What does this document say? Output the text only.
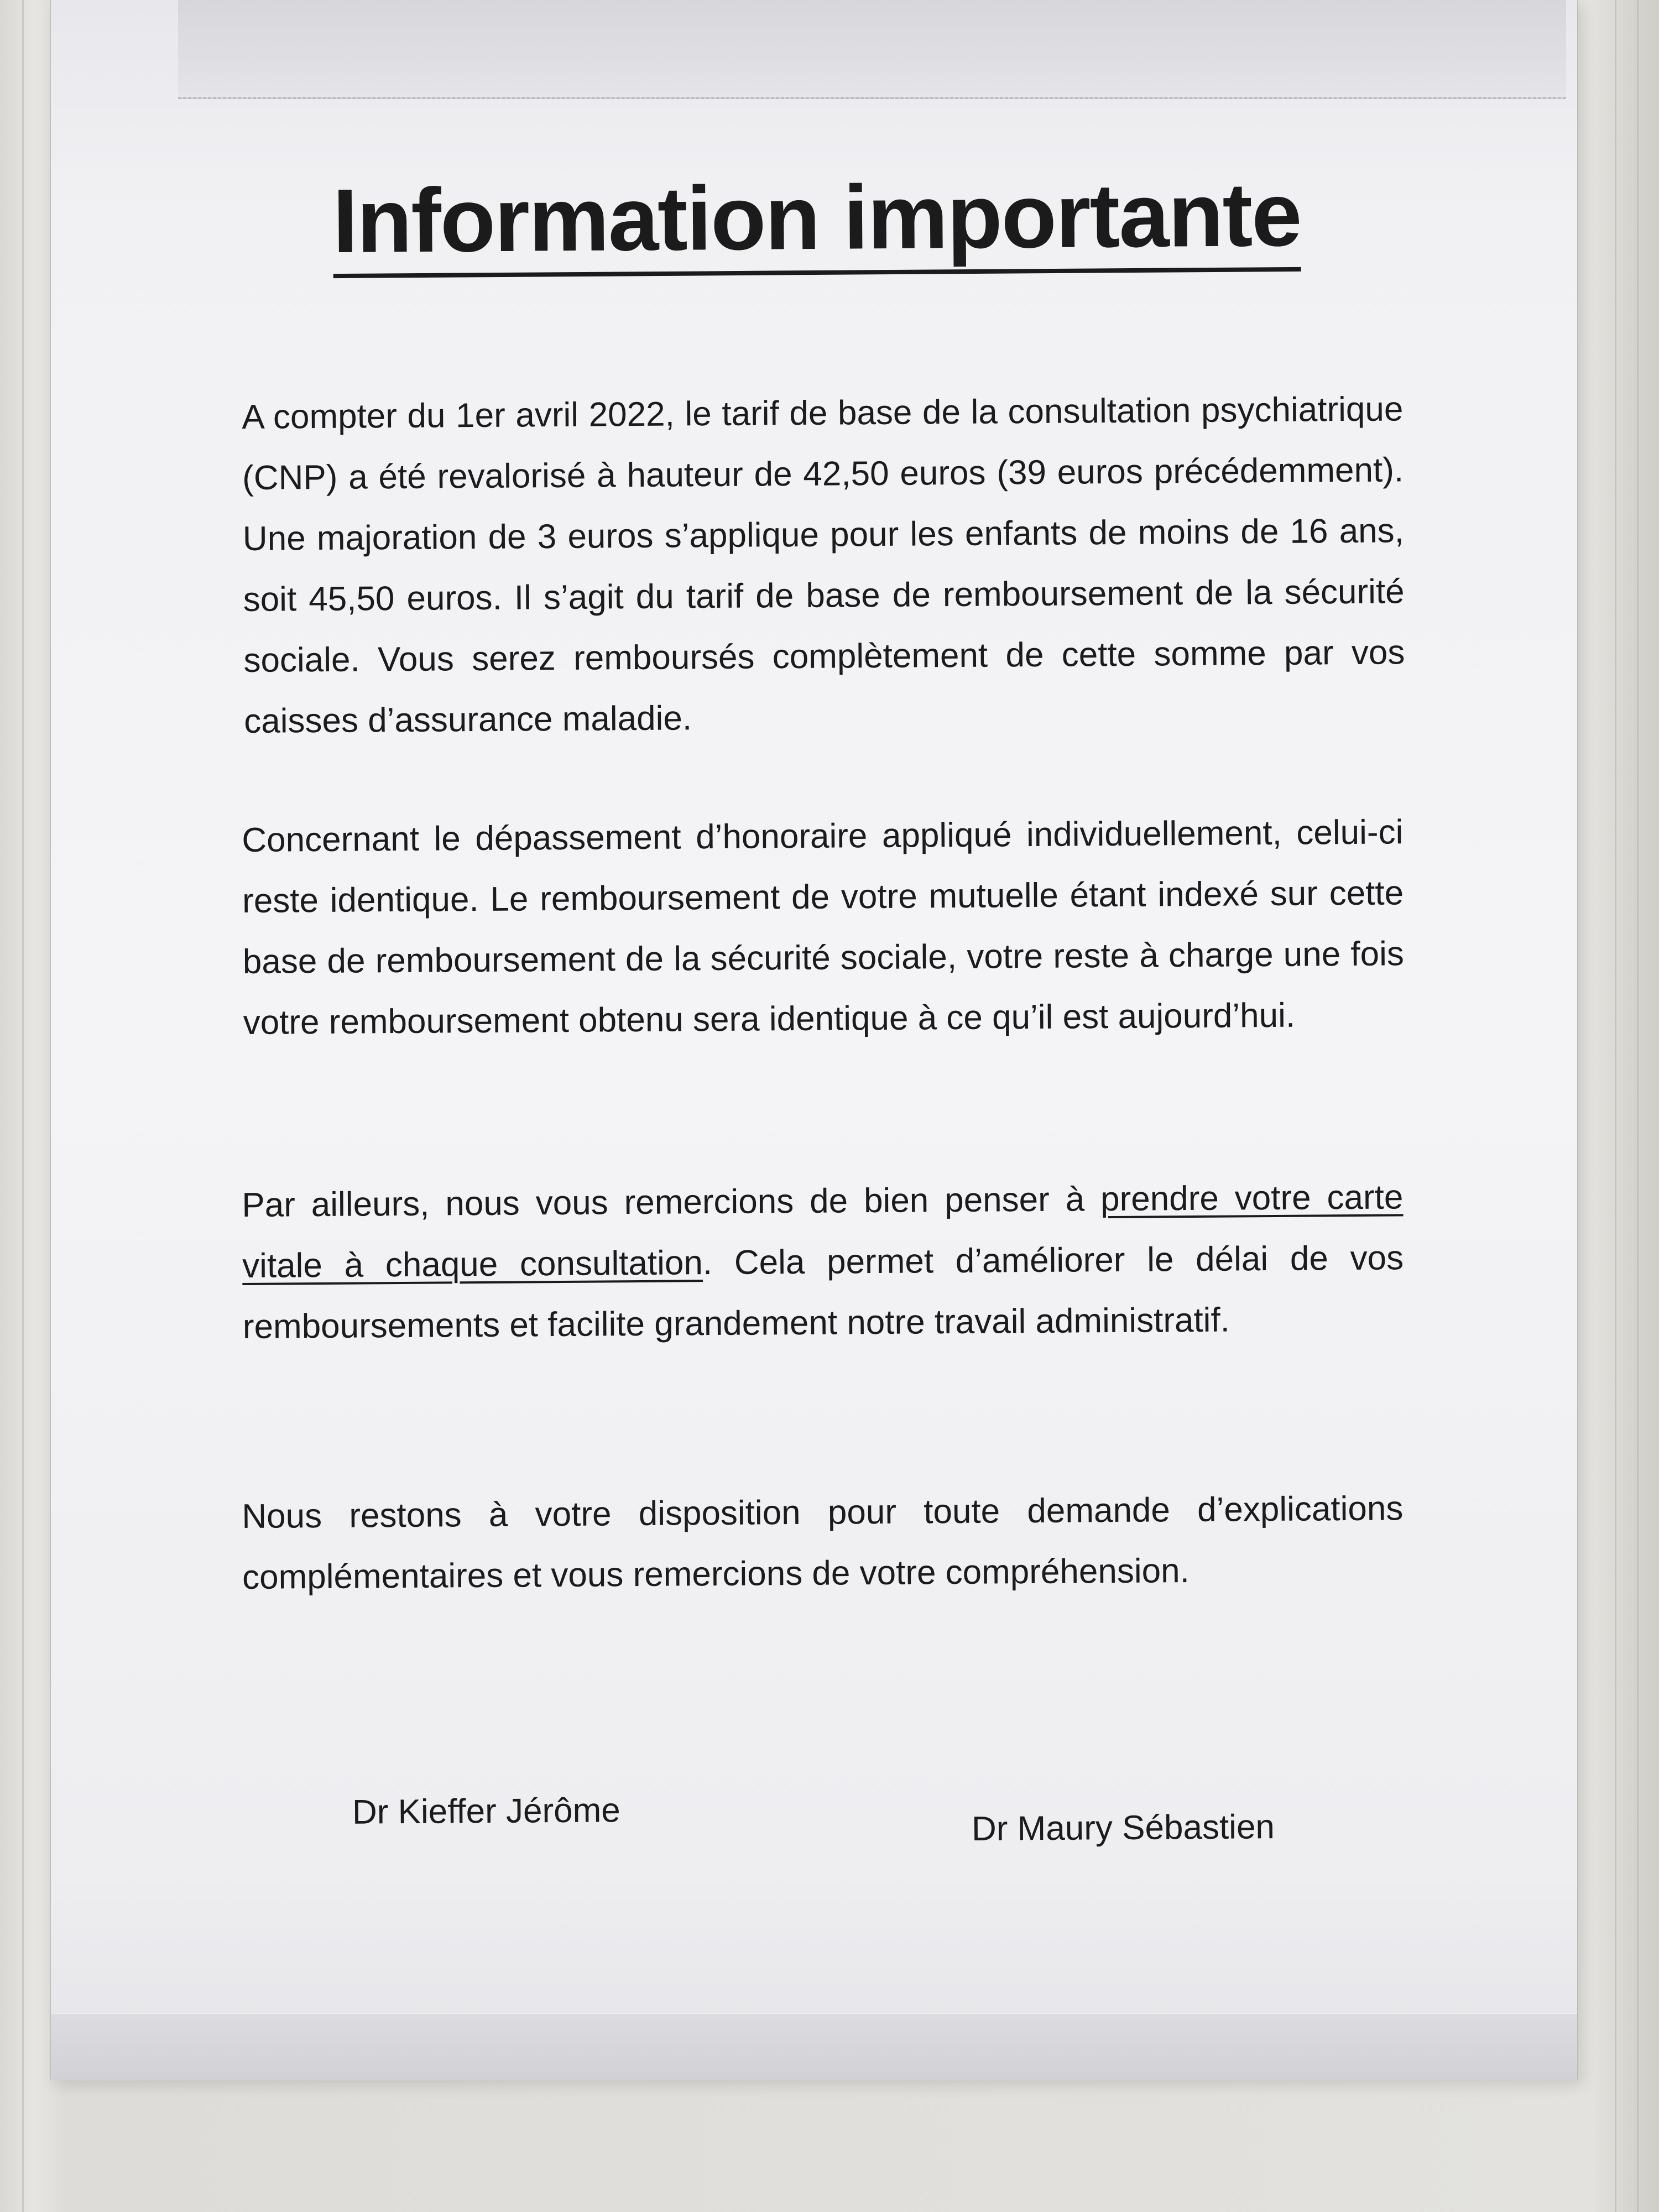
Information importante

A compter du 1er avril 2022, le tarif de base de la consultation psychiatrique (CNP) a été revalorisé à hauteur de 42,50 euros (39 euros précédemment). Une majoration de 3 euros s’applique pour les enfants de moins de 16 ans, soit 45,50 euros. Il s’agit du tarif de base de remboursement de la sécurité sociale. Vous serez remboursés complètement de cette somme par vos caisses d’assurance maladie.

Concernant le dépassement d’honoraire appliqué individuellement, celui-ci reste identique. Le remboursement de votre mutuelle étant indexé sur cette base de remboursement de la sécurité sociale, votre reste à charge une fois votre remboursement obtenu sera identique à ce qu’il est aujourd’hui.

Par ailleurs, nous vous remercions de bien penser à prendre votre carte vitale à chaque consultation. Cela permet d’améliorer le délai de vos remboursements et facilite grandement notre travail administratif.

Nous restons à votre disposition pour toute demande d’explications complémentaires et vous remercions de votre compréhension.

Dr Kieffer Jérôme	Dr Maury Sébastien
